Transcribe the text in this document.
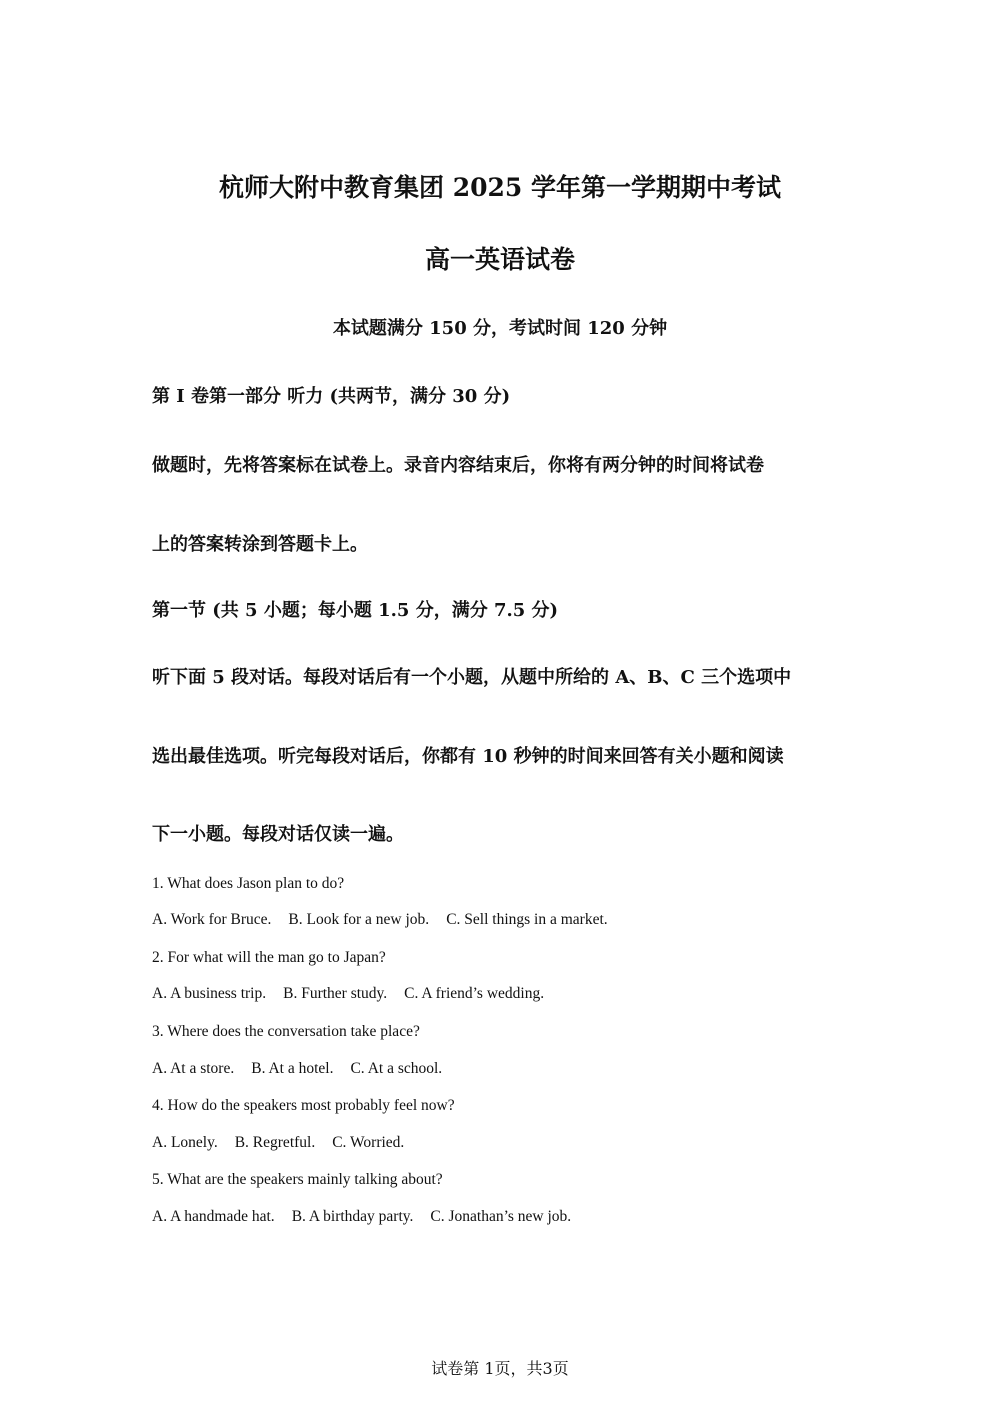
杭师大附中教育集团 2025 学年第一学期期中考试
高一英语试卷
本试题满分 150 分，考试时间 120 分钟
第 I 卷第一部分 听力 (共两节，满分 30 分)
做题时，先将答案标在试卷上。录音内容结束后，你将有两分钟的时间将试卷
上的答案转涂到答题卡上。
第一节 (共 5 小题；每小题 1.5 分，满分 7.5 分)
听下面 5 段对话。每段对话后有一个小题，从题中所给的 A、B、C 三个选项中
选出最佳选项。听完每段对话后，你都有 10 秒钟的时间来回答有关小题和阅读
下一小题。每段对话仅读一遍。
1. What does Jason plan to do?
A. Work for Bruce. B. Look for a new job. C. Sell things in a market.
2. For what will the man go to Japan?
A. A business trip. B. Further study. C. A friend’s wedding.
3. Where does the conversation take place?
A. At a store. B. At a hotel. C. At a school.
4. How do the speakers most probably feel now?
A. Lonely. B. Regretful. C. Worried.
5. What are the speakers mainly talking about?
A. A handmade hat. B. A birthday party. C. Jonathan’s new job.
试卷第 1页，共3页
